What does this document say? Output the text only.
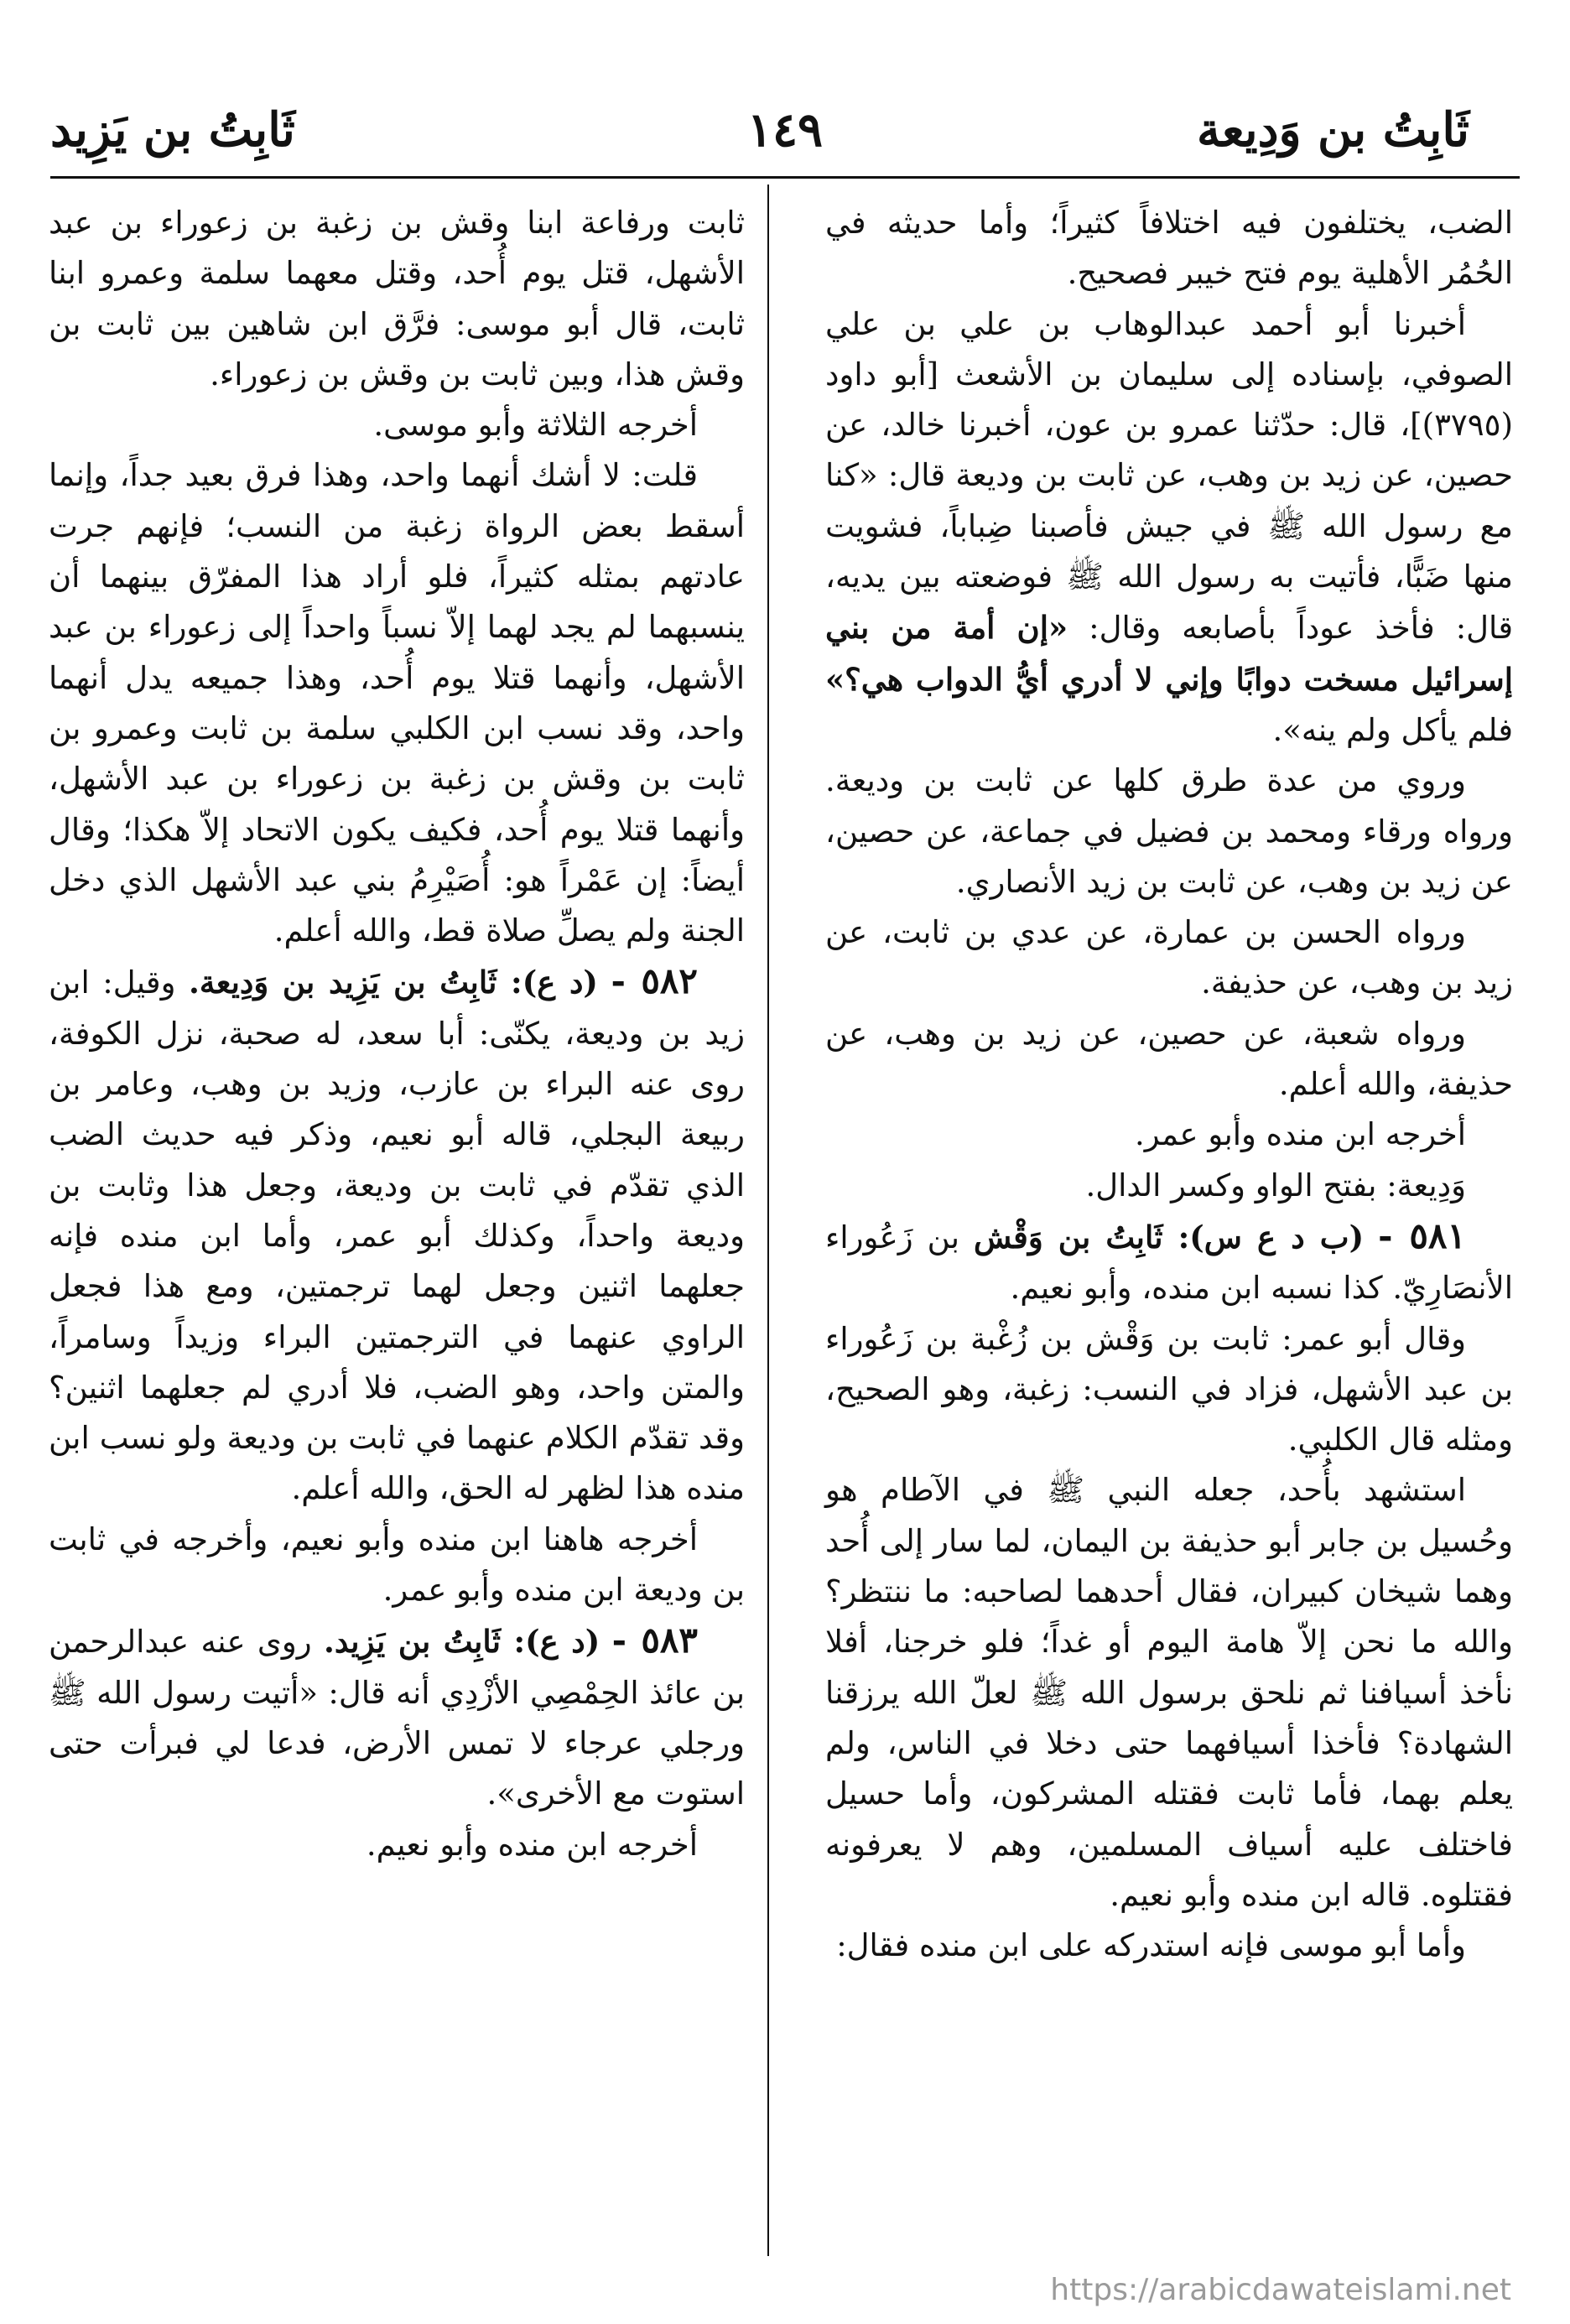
ثَابِتُ بن وَدِيعة
١٤٩
ثَابِتُ بن يَزِيد

الضب، يختلفون فيه اختلافاً كثيراً؛ وأما حديثه في الحُمُر الأهلية يوم فتح خيبر فصحيح.

أخبرنا أبو أحمد عبدالوهاب بن علي بن علي الصوفي، بإسناده إلى سليمان بن الأشعث [أبو داود (٣٧٩٥)]، قال: حدّثنا عمرو بن عون، أخبرنا خالد، عن حصين، عن زيد بن وهب، عن ثابت بن وديعة قال: «كنا مع رسول الله ﷺ في جيش فأصبنا ضِباباً، فشويت منها ضَبًّا، فأتيت به رسول الله ﷺ فوضعته بين يديه، قال: فأخذ عوداً بأصابعه وقال: «إن أمة من بني إسرائيل مسخت دوابًا وإني لا أدري أيُّ الدواب هي؟» فلم يأكل ولم ينه».

وروي من عدة طرق كلها عن ثابت بن وديعة. ورواه ورقاء ومحمد بن فضيل في جماعة، عن حصين، عن زيد بن وهب، عن ثابت بن زيد الأنصاري.

ورواه الحسن بن عمارة، عن عدي بن ثابت، عن زيد بن وهب، عن حذيفة.

ورواه شعبة، عن حصين، عن زيد بن وهب، عن حذيفة، والله أعلم.

أخرجه ابن منده وأبو عمر.

وَدِيعة: بفتح الواو وكسر الدال.

٥٨١ - (ب د ع س): ثَابِتُ بن وَقْش بن زَعُوراء الأنصَارِيّ. كذا نسبه ابن منده، وأبو نعيم.

وقال أبو عمر: ثابت بن وَقْش بن زُغْبة بن زَعُوراء بن عبد الأشهل، فزاد في النسب: زغبة، وهو الصحيح، ومثله قال الكلبي.

استشهد بأُحد، جعله النبي ﷺ في الآطام هو وحُسيل بن جابر أبو حذيفة بن اليمان، لما سار إلى أُحد وهما شيخان كبيران، فقال أحدهما لصاحبه: ما ننتظر؟ والله ما نحن إلاّ هامة اليوم أو غداً؛ فلو خرجنا، أفلا نأخذ أسيافنا ثم نلحق برسول الله ﷺ لعلّ الله يرزقنا الشهادة؟ فأخذا أسيافهما حتى دخلا في الناس، ولم يعلم بهما، فأما ثابت فقتله المشركون، وأما حسيل فاختلف عليه أسياف المسلمين، وهم لا يعرفونه فقتلوه. قاله ابن منده وأبو نعيم.

وأما أبو موسى فإنه استدركه على ابن منده فقال:

ثابت ورفاعة ابنا وقش بن زغبة بن زعوراء بن عبد الأشهل، قتل يوم أُحد، وقتل معهما سلمة وعمرو ابنا ثابت، قال أبو موسى: فرَّق ابن شاهين بين ثابت بن وقش هذا، وبين ثابت بن وقش بن زعوراء.

أخرجه الثلاثة وأبو موسى.

قلت: لا أشك أنهما واحد، وهذا فرق بعيد جداً، وإنما أسقط بعض الرواة زغبة من النسب؛ فإنهم جرت عادتهم بمثله كثيراً، فلو أراد هذا المفرّق بينهما أن ينسبهما لم يجد لهما إلاّ نسباً واحداً إلى زعوراء بن عبد الأشهل، وأنهما قتلا يوم أُحد، وهذا جميعه يدل أنهما واحد، وقد نسب ابن الكلبي سلمة بن ثابت وعمرو بن ثابت بن وقش بن زغبة بن زعوراء بن عبد الأشهل، وأنهما قتلا يوم أُحد، فكيف يكون الاتحاد إلاّ هكذا؛ وقال أيضاً: إن عَمْراً هو: أُصَيْرِمُ بني عبد الأشهل الذي دخل الجنة ولم يصلِّ صلاة قط، والله أعلم.

٥٨٢ - (د ع): ثَابِتُ بن يَزِيد بن وَدِيعة. وقيل: ابن زيد بن وديعة، يكنّى: أبا سعد، له صحبة، نزل الكوفة، روى عنه البراء بن عازب، وزيد بن وهب، وعامر بن ربيعة البجلي، قاله أبو نعيم، وذكر فيه حديث الضب الذي تقدّم في ثابت بن وديعة، وجعل هذا وثابت بن وديعة واحداً، وكذلك أبو عمر، وأما ابن منده فإنه جعلهما اثنين وجعل لهما ترجمتين، ومع هذا فجعل الراوي عنهما في الترجمتين البراء وزيداً وسامراً، والمتن واحد، وهو الضب، فلا أدري لم جعلهما اثنين؟ وقد تقدّم الكلام عنهما في ثابت بن وديعة ولو نسب ابن منده هذا لظهر له الحق، والله أعلم.

أخرجه هاهنا ابن منده وأبو نعيم، وأخرجه في ثابت بن وديعة ابن منده وأبو عمر.

٥٨٣ - (د ع): ثَابِتُ بن يَزِيد. روى عنه عبدالرحمن بن عائذ الحِمْصِي الأزْدِي أنه قال: «أتيت رسول الله ﷺ ورجلي عرجاء لا تمس الأرض، فدعا لي فبرأت حتى استوت مع الأخرى».

أخرجه ابن منده وأبو نعيم.

https://arabicdawateislami.net
